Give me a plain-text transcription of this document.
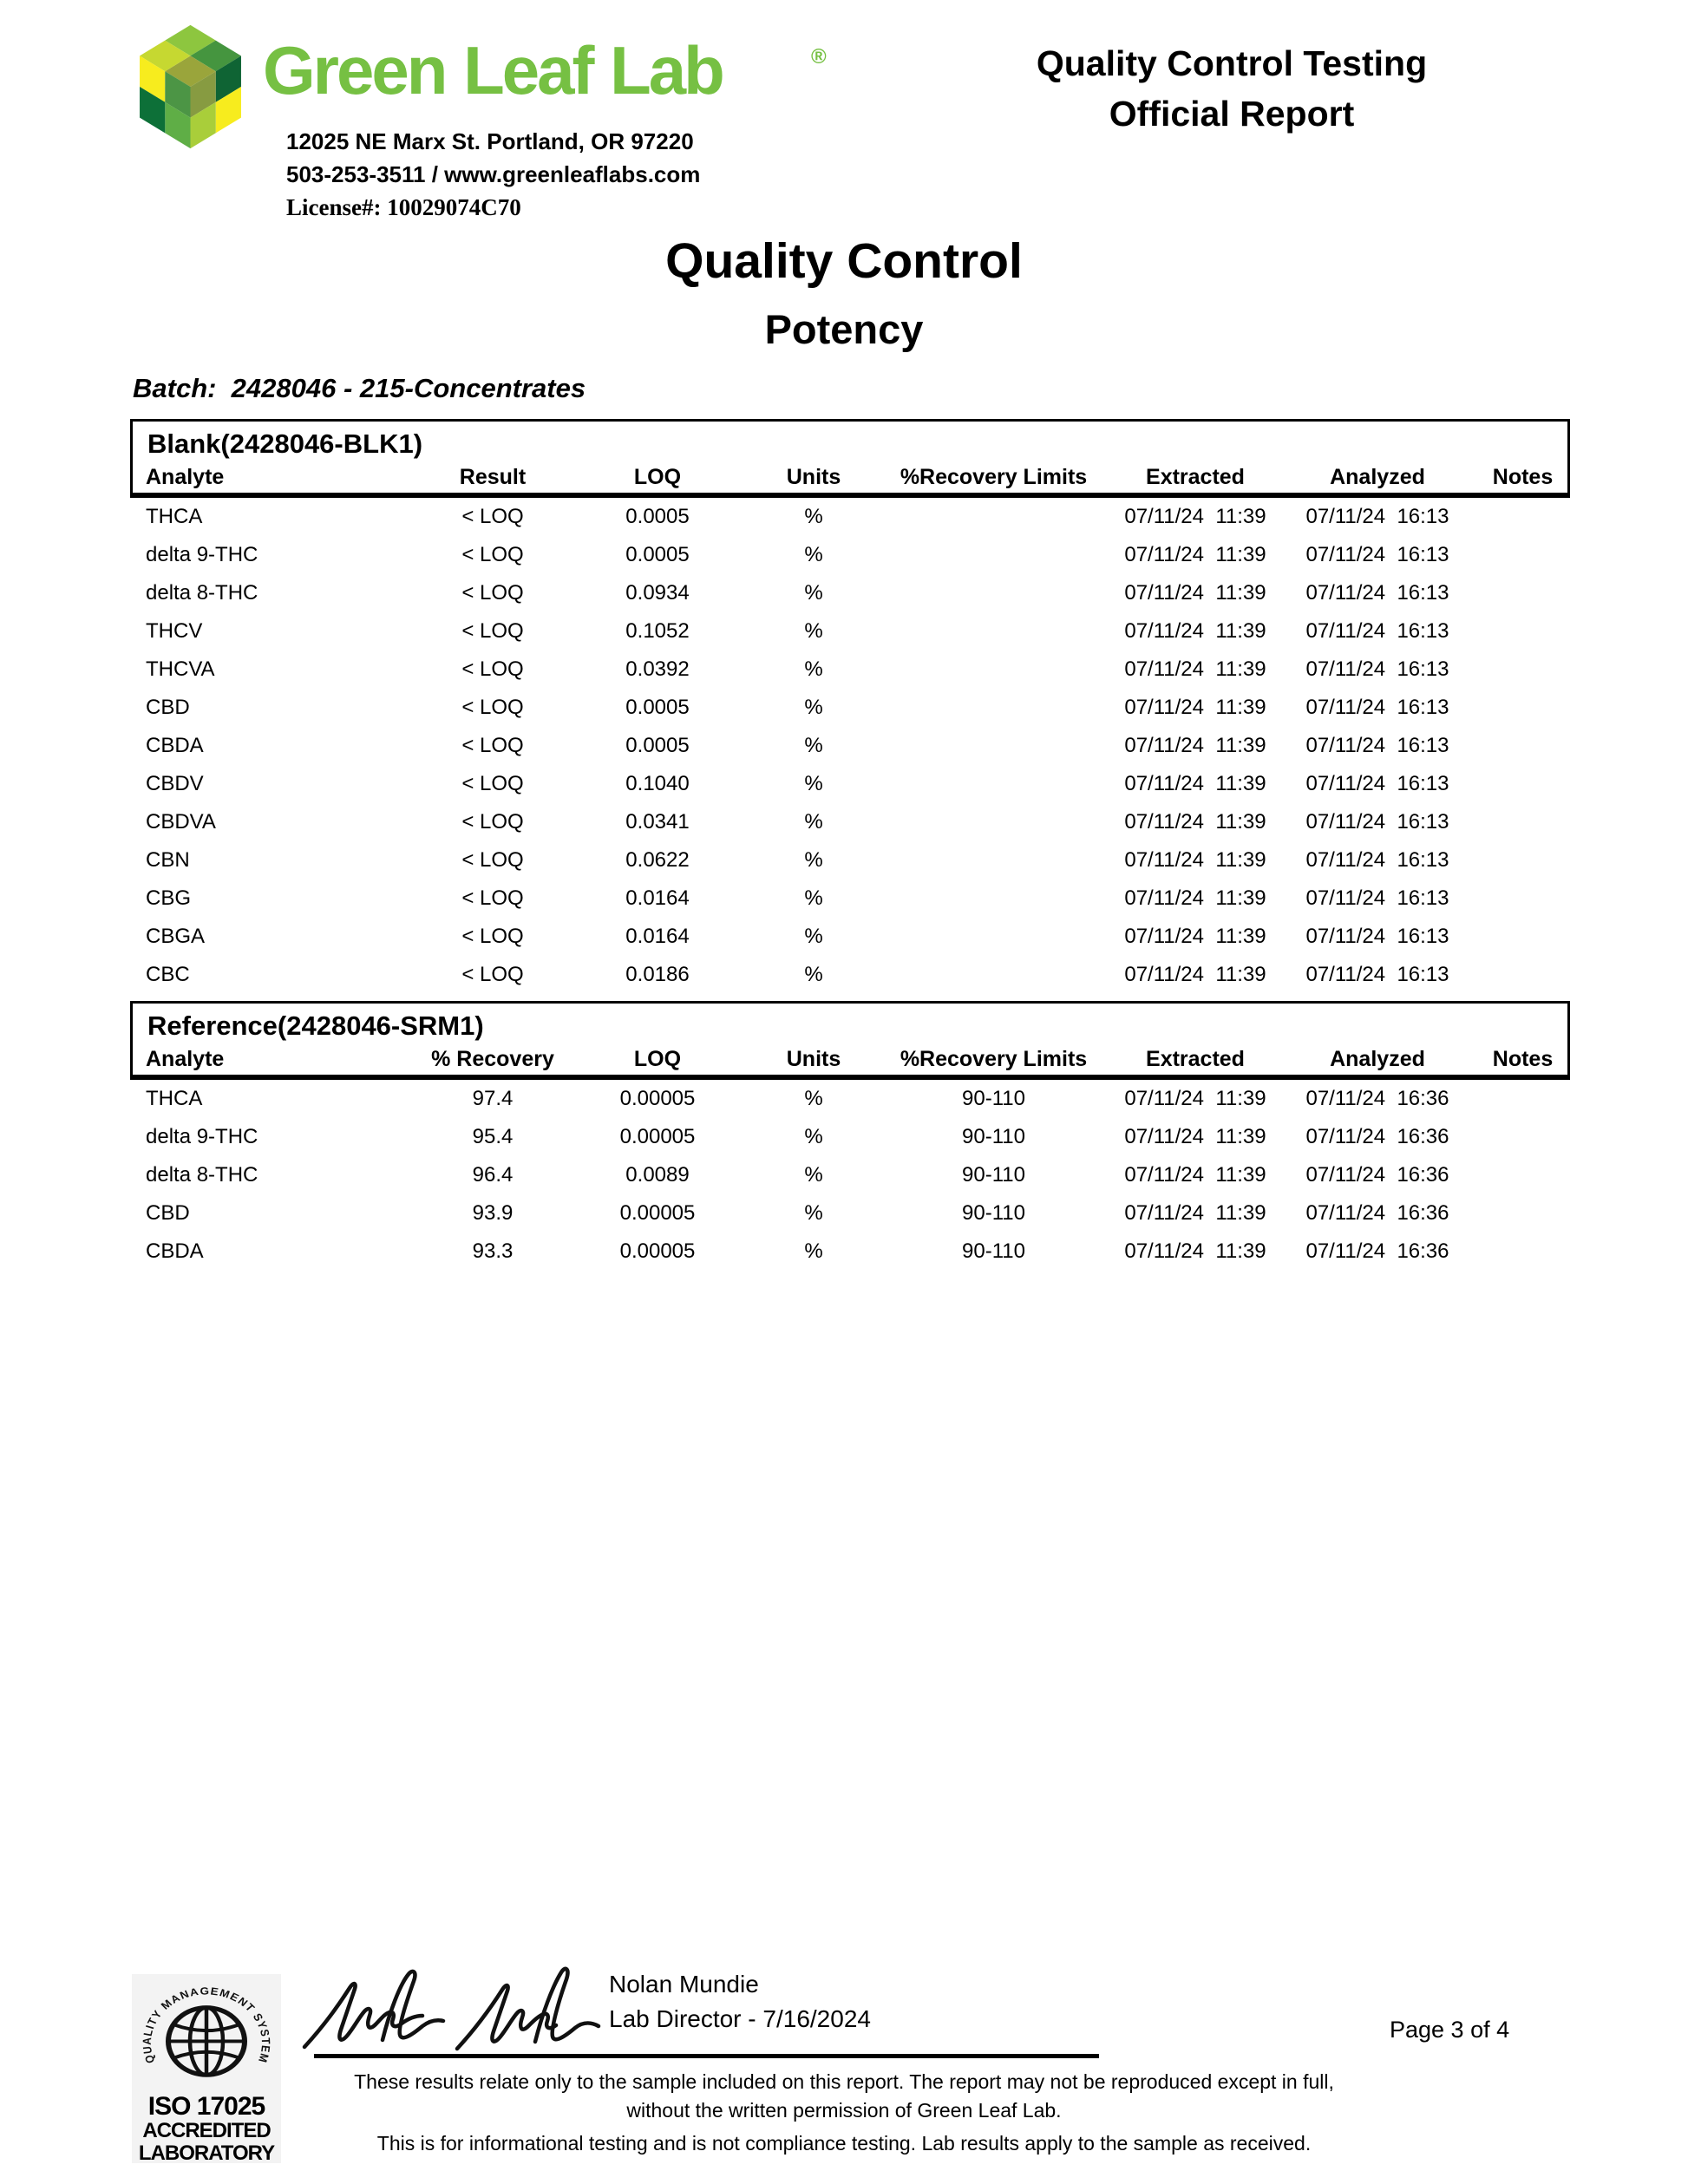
Green Leaf Lab	®
12025 NE Marx St. Portland, OR 97220
503-253-3511 / www.greenleaflabs.com
License#: 10029074C70
Quality Control Testing
Official Report
Quality Control
Potency
Batch:  2428046 - 215-Concentrates
Blank(2428046-BLK1)
Analyte	Result	LOQ	Units	%Recovery Limits	Extracted	Analyzed	Notes
THCA	< LOQ	0.0005	%		07/11/24  11:39	07/11/24  16:13	
delta 9-THC	< LOQ	0.0005	%		07/11/24  11:39	07/11/24  16:13	
delta 8-THC	< LOQ	0.0934	%		07/11/24  11:39	07/11/24  16:13	
THCV	< LOQ	0.1052	%		07/11/24  11:39	07/11/24  16:13	
THCVA	< LOQ	0.0392	%		07/11/24  11:39	07/11/24  16:13	
CBD	< LOQ	0.0005	%		07/11/24  11:39	07/11/24  16:13	
CBDA	< LOQ	0.0005	%		07/11/24  11:39	07/11/24  16:13	
CBDV	< LOQ	0.1040	%		07/11/24  11:39	07/11/24  16:13	
CBDVA	< LOQ	0.0341	%		07/11/24  11:39	07/11/24  16:13	
CBN	< LOQ	0.0622	%		07/11/24  11:39	07/11/24  16:13	
CBG	< LOQ	0.0164	%		07/11/24  11:39	07/11/24  16:13	
CBGA	< LOQ	0.0164	%		07/11/24  11:39	07/11/24  16:13	
CBC	< LOQ	0.0186	%		07/11/24  11:39	07/11/24  16:13	
Reference(2428046-SRM1)
Analyte	% Recovery	LOQ	Units	%Recovery Limits	Extracted	Analyzed	Notes
THCA	97.4	0.00005	%	90-110	07/11/24  11:39	07/11/24  16:36	
delta 9-THC	95.4	0.00005	%	90-110	07/11/24  11:39	07/11/24  16:36	
delta 8-THC	96.4	0.0089	%	90-110	07/11/24  11:39	07/11/24  16:36	
CBD	93.9	0.00005	%	90-110	07/11/24  11:39	07/11/24  16:36	
CBDA	93.3	0.00005	%	90-110	07/11/24  11:39	07/11/24  16:36	
QUALITY MANAGEMENT SYSTEM
ISO 17025
ACCREDITED
LABORATORY
Nolan Mundie
Lab Director - 7/16/2024	Page 3 of 4
These results relate only to the sample included on this report. The report may not be reproduced except in full, without the written permission of Green Leaf Lab.
This is for informational testing and is not compliance testing. Lab results apply to the sample as received.
